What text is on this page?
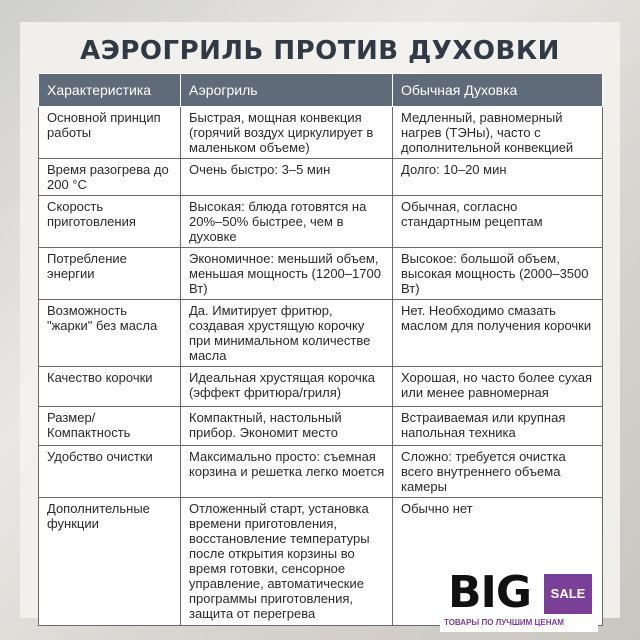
АЭРОГРИЛЬ ПРОТИВ ДУХОВКИ
Характеристика	Аэрогриль	Обычная Духовка
Основной принцип работы	Быстрая, мощная конвекция (горячий воздух циркулирует в маленьком объеме)	Медленный, равномерный нагрев (ТЭНы), часто с дополнительной конвекцией
Время разогрева до 200 °С	Очень быстро: 3–5 мин	Долго: 10–20 мин
Скорость приготовления	Высокая: блюда готовятся на 20%–50% быстрее, чем в духовке	Обычная, согласно стандартным рецептам
Потребление энергии	Экономичное: меньший объем, меньшая мощность (1200–1700 Вт)	Высокое: большой объем, высокая мощность (2000–3500 Вт)
Возможность "жарки" без масла	Да. Имитирует фритюр, создавая хрустящую корочку при минимальном количестве масла	Нет. Необходимо смазать маслом для получения корочки
Качество корочки	Идеальная хрустящая корочка (эффект фритюра/гриля)	Хорошая, но часто более сухая или менее равномерная
Размер/ Компактность	Компактный, настольный прибор. Экономит место	Встраиваемая или крупная напольная техника
Удобство очистки	Максимально просто: съемная корзина и решетка легко моется	Сложно: требуется очистка всего внутреннего объема камеры
Дополнительные функции	Отложенный старт, установка времени приготовления, восстановление температуры после открытия корзины во время готовки, сенсорное управление, автоматические программы приготовления, защита от перегрева	Обычно нет
BIG	SALE
ТОВАРЫ ПО ЛУЧШИМ ЦЕНАМ
